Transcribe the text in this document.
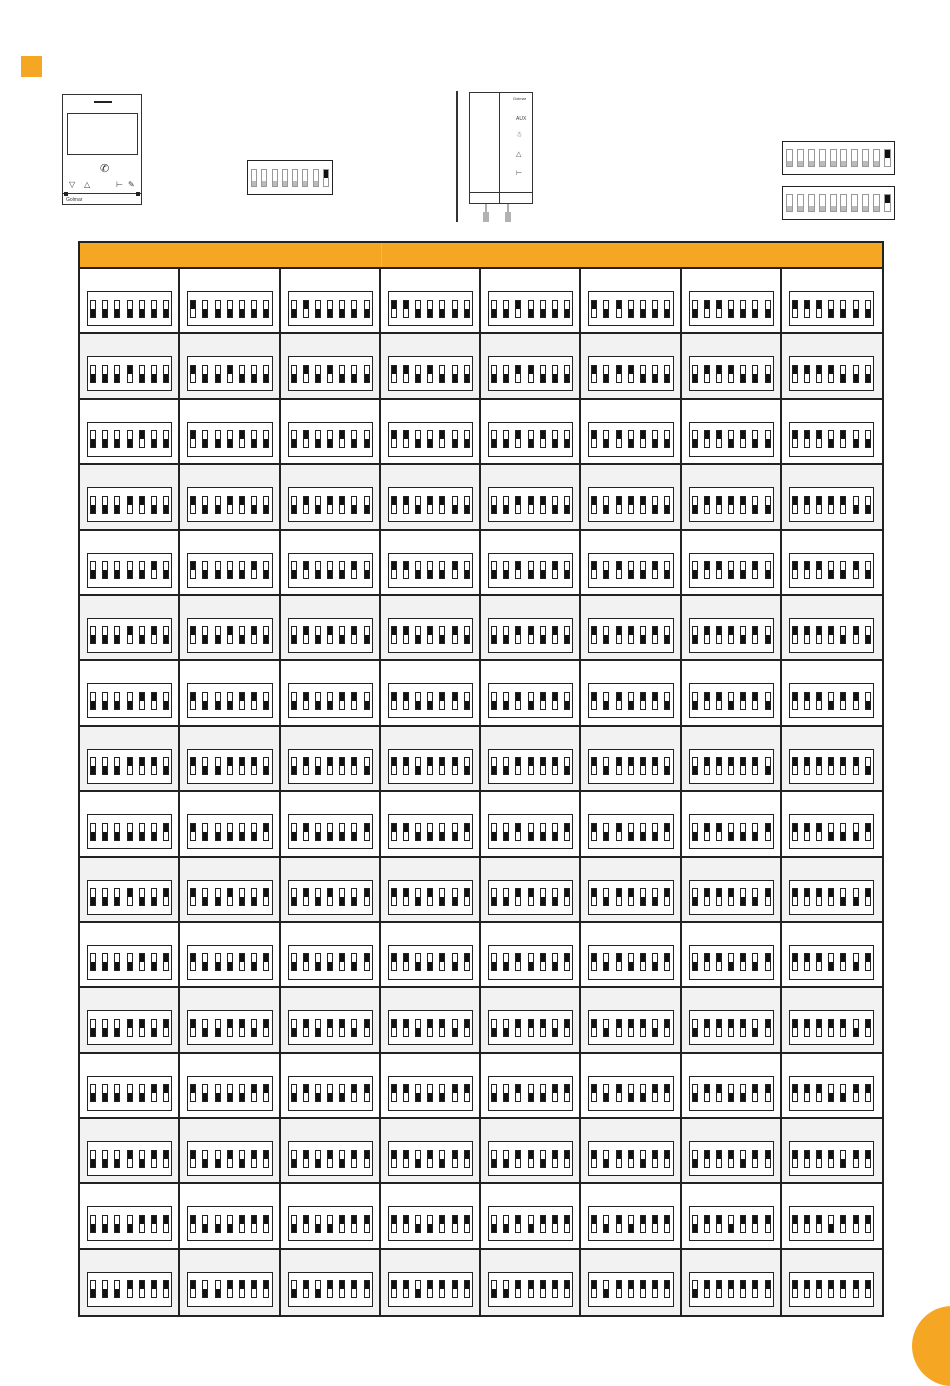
✆
▽ △	⊢ ✎
Golmar
Golmar
AUX
☃
△
⊢
